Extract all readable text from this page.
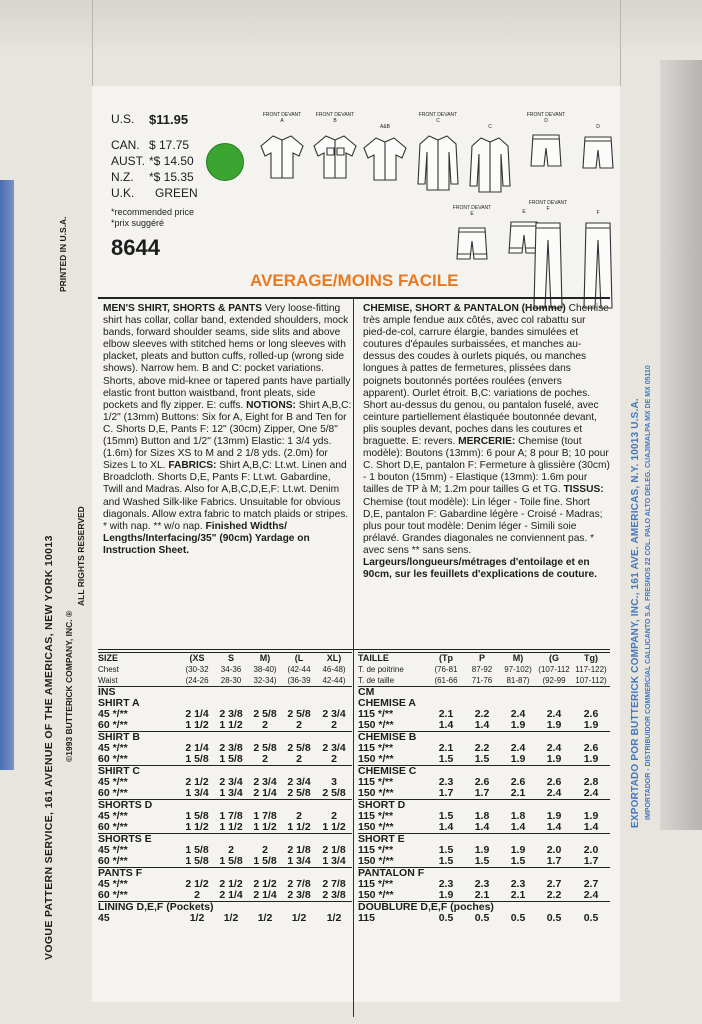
VOGUE PATTERN SERVICE, 161 AVENUE OF THE AMERICAS, NEW YORK 10013 ©1993 BUTTERICK COMPANY, INC. ®
ALL RIGHTS RESERVED
PRINTED IN U.S.A.
EXPORTADO POR BUTTERICK COMPANY, INC., 161 AVE. AMERICAS, N.Y. 10013 U.S.A. IMPORTADOR - DISTRIBUIDOR COMMERCIAL CALLICANTO S.A. FRESNOS 22 COL. PALO ALTO DELEG. CUAJIMALPA MX DE MX 05110
U.S. $11.95
CAN. $ 17.75
AUST. *$ 14.50
N.Z. *$ 15.35
U.K. GREEN
*recommended price
*prix suggéré
8644
AVERAGE/MOINS FACILE
FRONT DEVANT A
FRONT DEVANT B
A&B
FRONT DEVANT C
C
FRONT DEVANT D
D
FRONT DEVANT E	E
FRONT DEVANT F
F
MEN'S SHIRT, SHORTS & PANTS Very loose-fitting shirt has collar, collar band, extended shoulders, mock bands, forward shoulder seams, side slits and above elbow sleeves with stitched hems or long sleeves with placket, pleats and button cuffs, rolled-up (wrong side shows). Narrow hem. B and C: pocket variations. Shorts, above mid-knee or tapered pants have partially elastic front button waistband, front pleats, side pockets and fly zipper. E: cuffs. NOTIONS: Shirt A,B,C: 1/2" (13mm) Buttons: Six for A, Eight for B and Ten for C. Shorts D,E, Pants F: 12" (30cm) Zipper, One 5/8" (15mm) Button and 1/2" (13mm) Elastic: 1 3/4 yds. (1.6m) for Sizes XS to M and 2 1/8 yds. (2.0m) for Sizes L to XL. FABRICS: Shirt A,B,C: Lt.wt. Linen and Broadcloth. Shorts D,E, Pants F: Lt.wt. Gabardine, Twill and Madras. Also for A,B,C,D,E,F: Lt.wt. Denim and Washed Silk-like Fabrics. Unsuitable for obvious diagonals. Allow extra fabric to match plaids or stripes. * with nap. ** w/o nap. Finished Widths/ Lengths/Interfacing/35" (90cm) Yardage on Instruction Sheet.
CHEMISE, SHORT & PANTALON (Homme) Chemise très ample fendue aux côtés, avec col rabattu sur pied-de-col, carrure élargie, bandes simulées et coutures d'épaules surbaissées, et manches au-dessus des coudes à ourlets piqués, ou manches longues à pattes de fermetures, plissées dans poignets boutonnés portées roulées (envers apparent). Ourlet étroit. B,C: variations de poches. Short au-dessus du genou, ou pantalon fuselé, avec ceinture partiellement élastiquée boutonnée devant, plis souples devant, poches dans les coutures et braguette. E: revers. MERCERIE: Chemise (tout modèle): Boutons (13mm): 6 pour A; 8 pour B; 10 pour C. Short D,E, pantalon F: Fermeture à glissière (30cm) - 1 bouton (15mm) - Elastique (13mm): 1.6m pour tailles de TP à M; 1.2m pour tailles G et TG. TISSUS: Chemise (tout modèle): Lin léger - Toile fine. Short D,E, pantalon F: Gabardine légère - Croisé - Madras; plus pour tout modèle: Denim léger - Simili soie prélavé. Grandes diagonales ne conviennent pas. * avec sens ** sans sens. Largeurs/longueurs/métrages d'entoilage et en 90cm, sur les feuillets d'explications de couture.
SIZE	(XS	S	M)	(L	XL)
Chest	(30-32	34-36	38-40)	(42-44	46-48)
Waist	(24-26	28-30	32-34)	(36-39	42-44)
INS					
SHIRT A					
45 */**	2 1/4	2 3/8	2 5/8	2 5/8	2 3/4
60 */**	1 1/2	1 1/2	2	2	2
SHIRT B					
45 */**	2 1/4	2 3/8	2 5/8	2 5/8	2 3/4
60 */**	1 5/8	1 5/8	2	2	2
SHIRT C					
45 */**	2 1/2	2 3/4	2 3/4	2 3/4	3
60 */**	1 3/4	1 3/4	2 1/4	2 5/8	2 5/8
SHORTS D					
45 */**	1 5/8	1 7/8	1 7/8	2	2
60 */**	1 1/2	1 1/2	1 1/2	1 1/2	1 1/2
SHORTS E					
45 */**	1 5/8	2	2	2 1/8	2 1/8
60 */**	1 5/8	1 5/8	1 5/8	1 3/4	1 3/4
PANTS F					
45 */**	2 1/2	2 1/2	2 1/2	2 7/8	2 7/8
60 */**	2	2 1/4	2 1/4	2 3/8	2 3/8
LINING D,E,F (Pockets)					
45	1/2	1/2	1/2	1/2	1/2
TAILLE	(Tp	P	M)	(G	Tg)
T. de poitrine	(76-81	87-92	97-102)	(107-112	117-122)
T. de taille	(61-66	71-76	81-87)	(92-99	107-112)
CM					
CHEMISE A					
115 */**	2.1	2.2	2.4	2.4	2.6
150 */**	1.4	1.4	1.9	1.9	1.9
CHEMISE B					
115 */**	2.1	2.2	2.4	2.4	2.6
150 */**	1.5	1.5	1.9	1.9	1.9
CHEMISE C					
115 */**	2.3	2.6	2.6	2.6	2.8
150 */**	1.7	1.7	2.1	2.4	2.4
SHORT D					
115 */**	1.5	1.8	1.8	1.9	1.9
150 */**	1.4	1.4	1.4	1.4	1.4
SHORT E					
115 */**	1.5	1.9	1.9	2.0	2.0
150 */**	1.5	1.5	1.5	1.7	1.7
PANTALON F					
115 */**	2.3	2.3	2.3	2.7	2.7
150 */**	1.9	2.1	2.1	2.2	2.4
DOUBLURE D,E,F (poches)					
115	0.5	0.5	0.5	0.5	0.5
